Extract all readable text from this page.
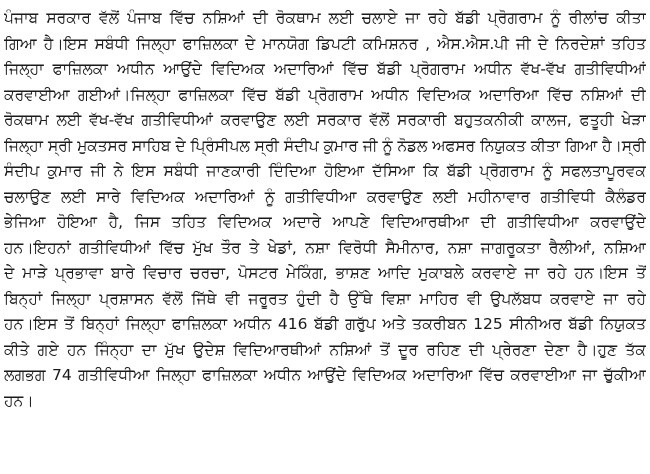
ਪੰਜਾਬ ਸਰਕਾਰ ਵੱਲੋਂ ਪੰਜਾਬ ਵਿੱਚ ਨਸ਼ਿਆਂ ਦੀ ਰੋਕਥਾਮ ਲਈ ਚਲਾਏ ਜਾ ਰਹੇ ਬੱਡੀ ਪ੍ਰੋਗਰਾਮ ਨੂੰ ਰੀਲਾਂਚ ਕੀਤਾ
ਗਿਆ ਹੈ।ਇਸ ਸਬੰਧੀ ਜਿਲ੍ਹਾ ਫਾਜ਼ਿਲਕਾ ਦੇ ਮਾਨਯੋਗ ਡਿਪਟੀ ਕਮਿਸ਼ਨਰ , ਐਸ.ਐਸ.ਪੀ ਜੀ ਦੇ ਨਿਰਦੇਸ਼ਾਂ ਤਹਿਤ
ਜਿਲ੍ਹਾ ਫਾਜ਼ਿਲਕਾ ਅਧੀਨ ਆਉਂਦੇ ਵਿਦਿਅਕ ਅਦਾਰਿਆਂ ਵਿੱਚ ਬੱਡੀ ਪ੍ਰੋਗਰਾਮ ਅਧੀਨ ਵੱਖ-ਵੱਖ ਗਤੀਵਿਧੀਆਂ
ਕਰਵਾਈਆ ਗਈਆਂ।ਜਿਲ੍ਹਾ ਫਾਜ਼ਿਲਕਾ ਵਿੱਚ ਬੱਡੀ ਪ੍ਰੋਗਰਾਮ ਅਧੀਨ ਵਿਦਿਅਕ ਅਦਾਰਿਆ ਵਿੱਚ ਨਸ਼ਿਆਂ ਦੀ
ਰੋਕਥਾਮ ਲਈ ਵੱਖ-ਵੱਖ ਗਤੀਵਿਧੀਆਂ ਕਰਵਾਉਣ ਲਈ ਸਰਕਾਰ ਵੱਲੋਂ ਸਰਕਾਰੀ ਬਹੁਤਕਨੀਕੀ ਕਾਲਜ, ਫਤੂਹੀ ਖੇੜਾ
ਜਿਲ੍ਹਾ ਸ੍ਰੀ ਮੁਕਤਸਰ ਸਾਹਿਬ ਦੇ ਪ੍ਰਿੰਸੀਪਲ ਸ੍ਰੀ ਸੰਦੀਪ ਕੁਮਾਰ ਜੀ ਨੂੰ ਨੋਡਲ ਅਫਸਰ ਨਿਯੁਕਤ ਕੀਤਾ ਗਿਆ ਹੈ।ਸ੍ਰੀ
ਸੰਦੀਪ ਕੁਮਾਰ ਜੀ ਨੇ ਇਸ ਸਬੰਧੀ ਜਾਣਕਾਰੀ ਦਿੰਦਿਆ ਹੋਇਆ ਦੱਸਿਆ ਕਿ ਬੱਡੀ ਪ੍ਰੋਗਰਾਮ ਨੂੰ ਸਫਲਤਾਪੂਰਵਕ
ਚਲਾਉਣ ਲਈ ਸਾਰੇ ਵਿਦਿਅਕ ਅਦਾਰਿਆਂ ਨੂੰ ਗਤੀਵਿਧੀਆ ਕਰਵਾਉਣ ਲਈ ਮਹੀਨਾਵਾਰ ਗਤੀਵਿਧੀ ਕੈਲੰਡਰ
ਭੇਜਿਆ ਹੋਇਆ ਹੈ, ਜਿਸ ਤਹਿਤ ਵਿਦਿਅਕ ਅਦਾਰੇ ਆਪਣੇ ਵਿਦਿਆਰਥੀਆ ਦੀ ਗਤੀਵਿਧੀਆ ਕਰਵਾਉਂਦੇ
ਹਨ।ਇਹਨਾਂ ਗਤੀਵਿਧੀਆਂ ਵਿੱਚ ਮੁੱਖ ਤੌਰ ਤੇ ਖੇਡਾਂ, ਨਸ਼ਾ ਵਿਰੋਧੀ ਸੈਮੀਨਾਰ, ਨਸ਼ਾ ਜਾਗਰੂਕਤਾ ਰੈਲੀਆਂ, ਨਸ਼ਿਆ
ਦੇ ਮਾੜੇ ਪ੍ਰਭਾਵਾ ਬਾਰੇ ਵਿਚਾਰ ਚਰਚਾ, ਪੋਸਟਰ ਮੇਕਿੰਗ, ਭਾਸ਼ਣ ਆਦਿ ਮੁਕਾਬਲੇ ਕਰਵਾਏ ਜਾ ਰਹੇ ਹਨ।ਇਸ ਤੋਂ
ਬਿਨ੍ਹਾਂ ਜਿਲ੍ਹਾ ਪ੍ਰਸ਼ਾਸਨ ਵੱਲੋਂ ਜਿੱਥੇ ਵੀ ਜਰੂਰਤ ਹੁੰਦੀ ਹੈ ਉੱਥੇ ਵਿਸ਼ਾ ਮਾਹਿਰ ਵੀ ਉਪਲੱਬਧ ਕਰਵਾਏ ਜਾ ਰਹੇ
ਹਨ।ਇਸ ਤੋਂ ਬਿਨ੍ਹਾਂ ਜਿਲ੍ਹਾ ਫਾਜ਼ਿਲਕਾ ਅਧੀਨ 416 ਬੱਡੀ ਗਰੁੱਪ ਅਤੇ ਤਕਰੀਬਨ 125 ਸੀਨੀਅਰ ਬੱਡੀ ਨਿਯੁਕਤ
ਕੀਤੇ ਗਏ ਹਨ ਜਿੰਨ੍ਹਾ ਦਾ ਮੁੱਖ ਉਦੇਸ਼ ਵਿਦਿਆਰਥੀਆਂ ਨਸ਼ਿਆਂ ਤੋਂ ਦੂਰ ਰਹਿਣ ਦੀ ਪ੍ਰੇਰਣਾ ਦੇਣਾ ਹੈ।ਹੁਣ ਤੱਕ
ਲਗਭਗ 74 ਗਤੀਵਿਧੀਆ ਜਿਲ੍ਹਾ ਫਾਜ਼ਿਲਕਾ ਅਧੀਨ ਆਉਂਦੇ ਵਿਦਿਅਕ ਅਦਾਰਿਆ ਵਿੱਚ ਕਰਵਾਈਆ ਜਾ ਚੁੱਕੀਆ
ਹਨ।
